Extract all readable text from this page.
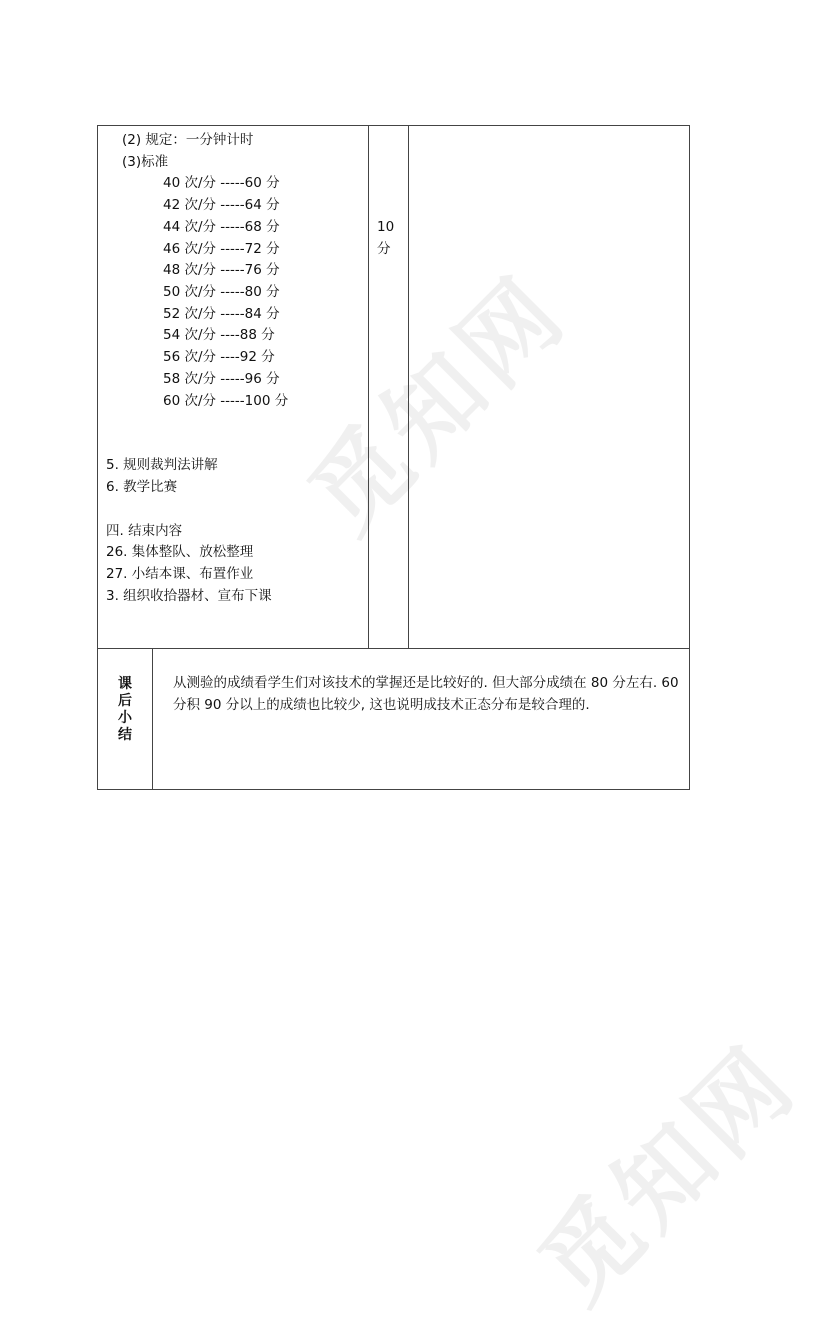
觅知网
觅知网
(2) 规定：一分钟计时
(3)标准
40 次/分 -----60 分
42 次/分 -----64 分
44 次/分 -----68 分
46 次/分 -----72 分
48 次/分 -----76 分
50 次/分 -----80 分
52 次/分 -----84 分
54 次/分 ----88 分
56 次/分 ----92 分
58 次/分 -----96 分
60 次/分 -----100 分
5. 规则裁判法讲解
6. 教学比赛
四. 结束内容
26. 集体整队、放松整理
27. 小结本课、布置作业
3. 组织收拾器材、宣布下课
10
分
课
后
小
结
从测验的成绩看学生们对该技术的掌握还是比较好的. 但大部分成绩在 80 分左右. 60 分积 90 分以上的成绩也比较少, 这也说明成技术正态分布是较合理的.
